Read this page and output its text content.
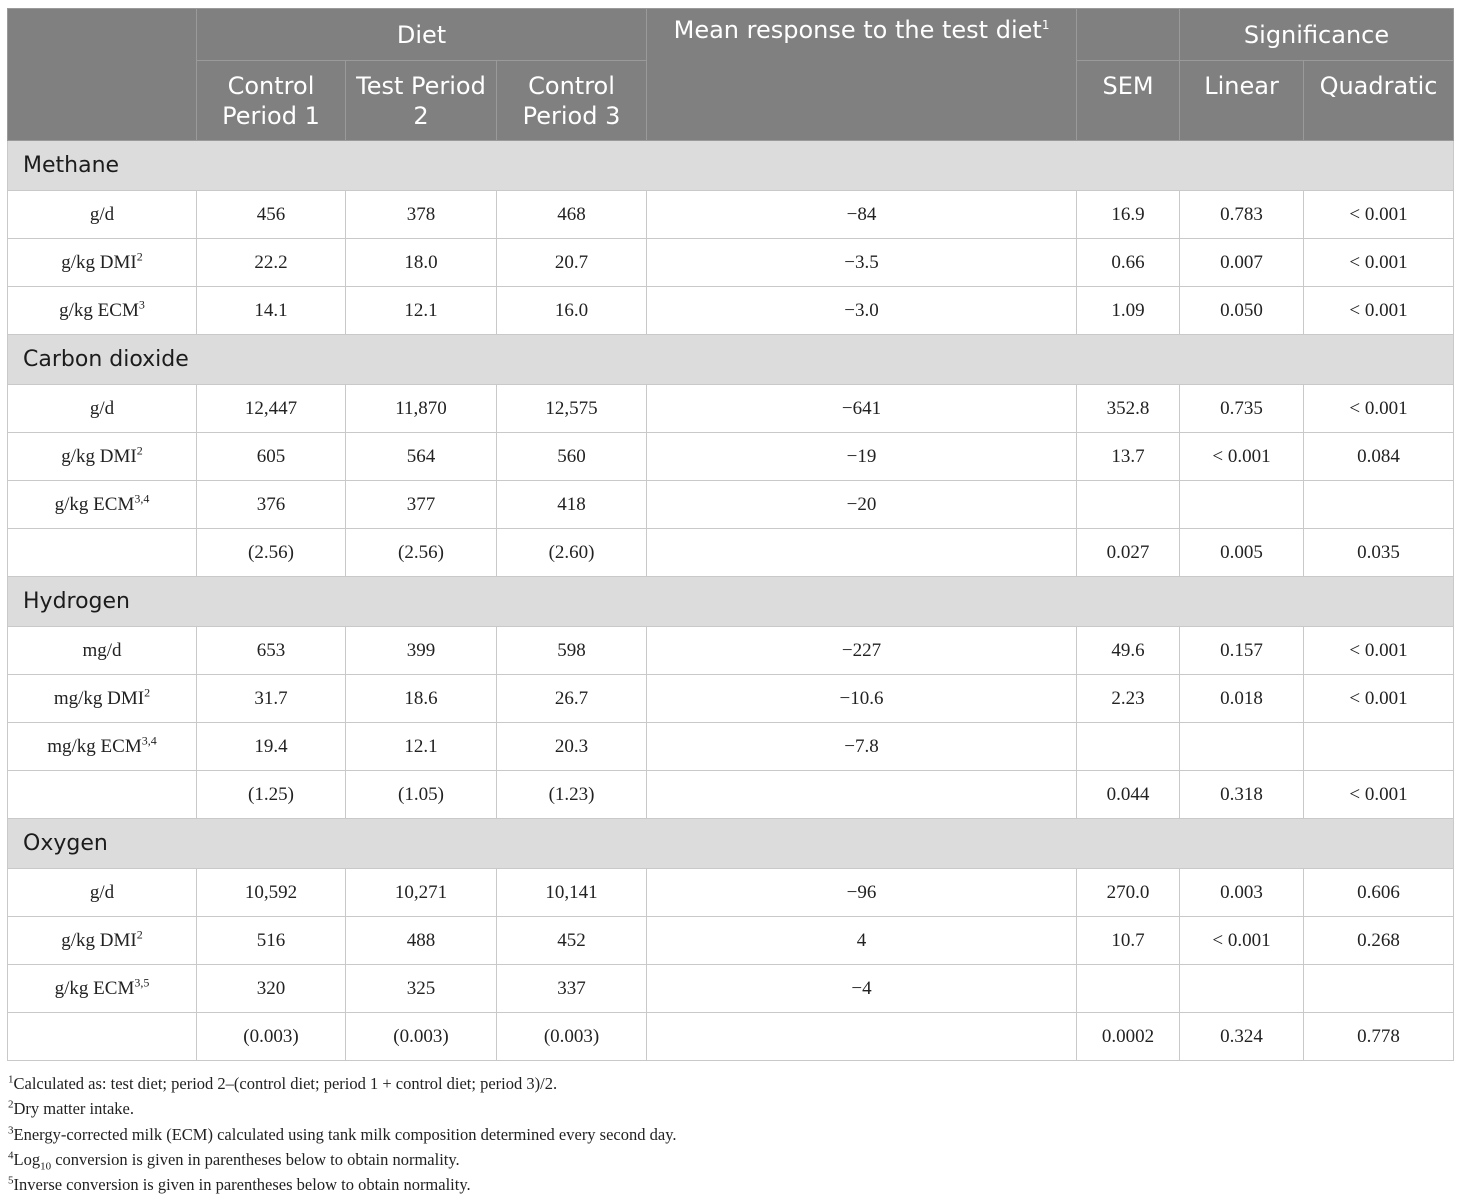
	Diet			Mean response to the test diet$^1$		Significance	
	Control Period 1	Test Period 2	Control Period 3		SEM	Linear	Quadratic
Methane							
g/d	456	378	468	−84	16.9	0.783	< 0.001
g/kg DMI$^2$	22.2	18.0	20.7	−3.5	0.66	0.007	< 0.001
g/kg ECM$^3$	14.1	12.1	16.0	−3.0	1.09	0.050	< 0.001
Carbon dioxide							
g/d	12,447	11,870	12,575	−641	352.8	0.735	< 0.001
g/kg DMI$^2$	605	564	560	−19	13.7	< 0.001	0.084
g/kg ECM$^{3,4}$	376	377	418	−20			
	(2.56)	(2.56)	(2.60)		0.027	0.005	0.035
Hydrogen							
mg/d	653	399	598	−227	49.6	0.157	< 0.001
mg/kg DMI$^2$	31.7	18.6	26.7	−10.6	2.23	0.018	< 0.001
mg/kg ECM$^{3,4}$	19.4	12.1	20.3	−7.8			
	(1.25)	(1.05)	(1.23)		0.044	0.318	< 0.001
Oxygen							
g/d	10,592	10,271	10,141	−96	270.0	0.003	0.606
g/kg DMI$^2$	516	488	452	4	10.7	< 0.001	0.268
g/kg ECM$^{3,5}$	320	325	337	−4			
	(0.003)	(0.003)	(0.003)		0.0002	0.324	0.778
$^1$Calculated as: test diet; period 2–(control diet; period 1 + control diet; period 3)/2.
$^2$Dry matter intake.
$^3$Energy-corrected milk (ECM) calculated using tank milk composition determined every second day.
$^4$Log$_{10}$ conversion is given in parentheses below to obtain normality.
$^5$Inverse conversion is given in parentheses below to obtain normality.
